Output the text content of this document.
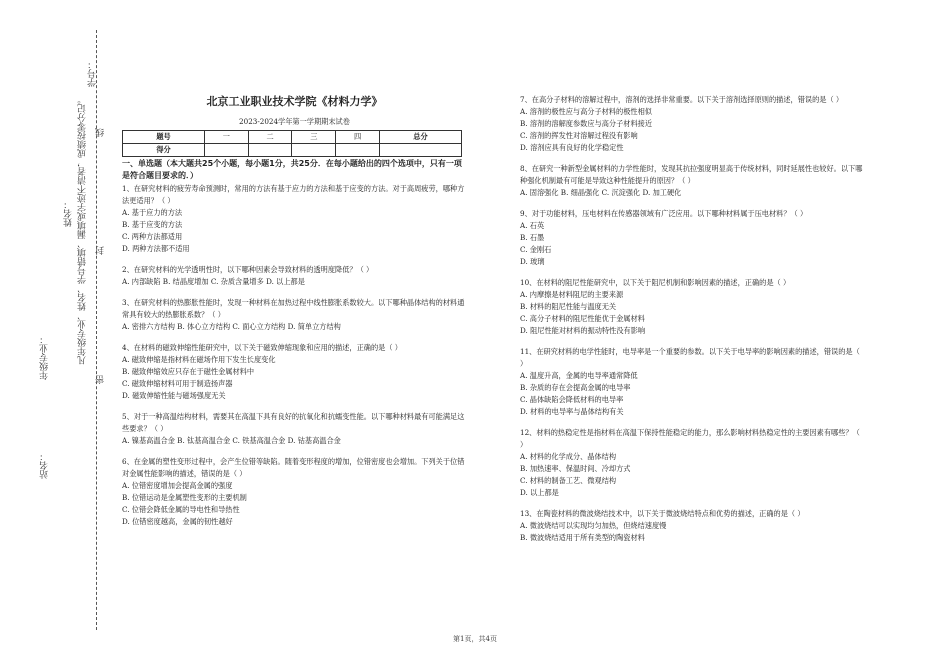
站名：
年级专业：
姓名：
学号：
凡年级专业、姓名、学号错填、漏填或字迹不清者，成绩按零分记。
密
封
线
北京工业职业技术学院《材料力学》
2023-2024学年第一学期期末试卷
题号	一	二	三	四	总分
得分					
一、单选题（本大题共25个小题，每小题1分，共25分．在每小题给出的四个选项中，只有一项是符合题目要求的．）

1、在研究材料的疲劳寿命预测时，常用的方法有基于应力的方法和基于应变的方法。对于高周疲劳，哪种方法更适用？（ ）

A. 基于应力的方法

B. 基于应变的方法

C. 两种方法都适用

D. 两种方法都不适用

2、在研究材料的光学透明性时，以下哪种因素会导致材料的透明度降低？（ ）

A. 内部缺陷 B. 结晶度增加 C. 杂质含量增多 D. 以上都是

3、在研究材料的热膨胀性能时，发现一种材料在加热过程中线性膨胀系数较大。以下哪种晶体结构的材料通常具有较大的热膨胀系数？（ ）

A. 密排六方结构 B. 体心立方结构 C. 面心立方结构 D. 简单立方结构

4、在材料的磁致伸缩性能研究中，以下关于磁致伸缩现象和应用的描述，正确的是（ ）

A. 磁致伸缩是指材料在磁场作用下发生长度变化

B. 磁致伸缩效应只存在于磁性金属材料中

C. 磁致伸缩材料可用于制造扬声器

D. 磁致伸缩性能与磁场强度无关

5、对于一种高温结构材料，需要其在高温下具有良好的抗氧化和抗蠕变性能。以下哪种材料最有可能满足这些要求？（ ）

A. 镍基高温合金 B. 钛基高温合金 C. 铁基高温合金 D. 钴基高温合金

6、在金属的塑性变形过程中，会产生位错等缺陷。随着变形程度的增加，位错密度也会增加。下列关于位错对金属性能影响的描述，错误的是（ ）

A. 位错密度增加会提高金属的强度

B. 位错运动是金属塑性变形的主要机制

C. 位错会降低金属的导电性和导热性

D. 位错密度越高，金属的韧性越好

7、在高分子材料的溶解过程中，溶剂的选择非常重要。以下关于溶剂选择原则的描述，错误的是（ ）

A. 溶剂的极性应与高分子材料的极性相似

B. 溶剂的溶解度参数应与高分子材料接近

C. 溶剂的挥发性对溶解过程没有影响

D. 溶剂应具有良好的化学稳定性

8、在研究一种新型金属材料的力学性能时，发现其抗拉强度明显高于传统材料，同时延展性也较好。以下哪种强化机制最有可能是导致这种性能提升的原因？（ ）

A. 固溶强化 B. 细晶强化 C. 沉淀强化 D. 加工硬化

9、对于功能材料，压电材料在传感器领域有广泛应用。以下哪种材料属于压电材料？（ ）

A. 石英

B. 石墨

C. 金刚石

D. 玻璃

10、在材料的阻尼性能研究中，以下关于阻尼机制和影响因素的描述，正确的是（ ）

A. 内摩擦是材料阻尼的主要来源

B. 材料的阻尼性能与温度无关

C. 高分子材料的阻尼性能优于金属材料

D. 阻尼性能对材料的振动特性没有影响

11、在研究材料的电学性能时，电导率是一个重要的参数。以下关于电导率的影响因素的描述，错误的是（ ）

A. 温度升高，金属的电导率通常降低

B. 杂质的存在会提高金属的电导率

C. 晶体缺陷会降低材料的电导率

D. 材料的电导率与晶体结构有关

12、材料的热稳定性是指材料在高温下保持性能稳定的能力，那么影响材料热稳定性的主要因素有哪些？（ ）

A. 材料的化学成分、晶体结构

B. 加热速率、保温时间、冷却方式

C. 材料的制备工艺、微观结构

D. 以上都是

13、在陶瓷材料的微波烧结技术中，以下关于微波烧结特点和优势的描述，正确的是（ ）

A. 微波烧结可以实现均匀加热，但烧结速度慢

B. 微波烧结适用于所有类型的陶瓷材料

第1页，共4页
